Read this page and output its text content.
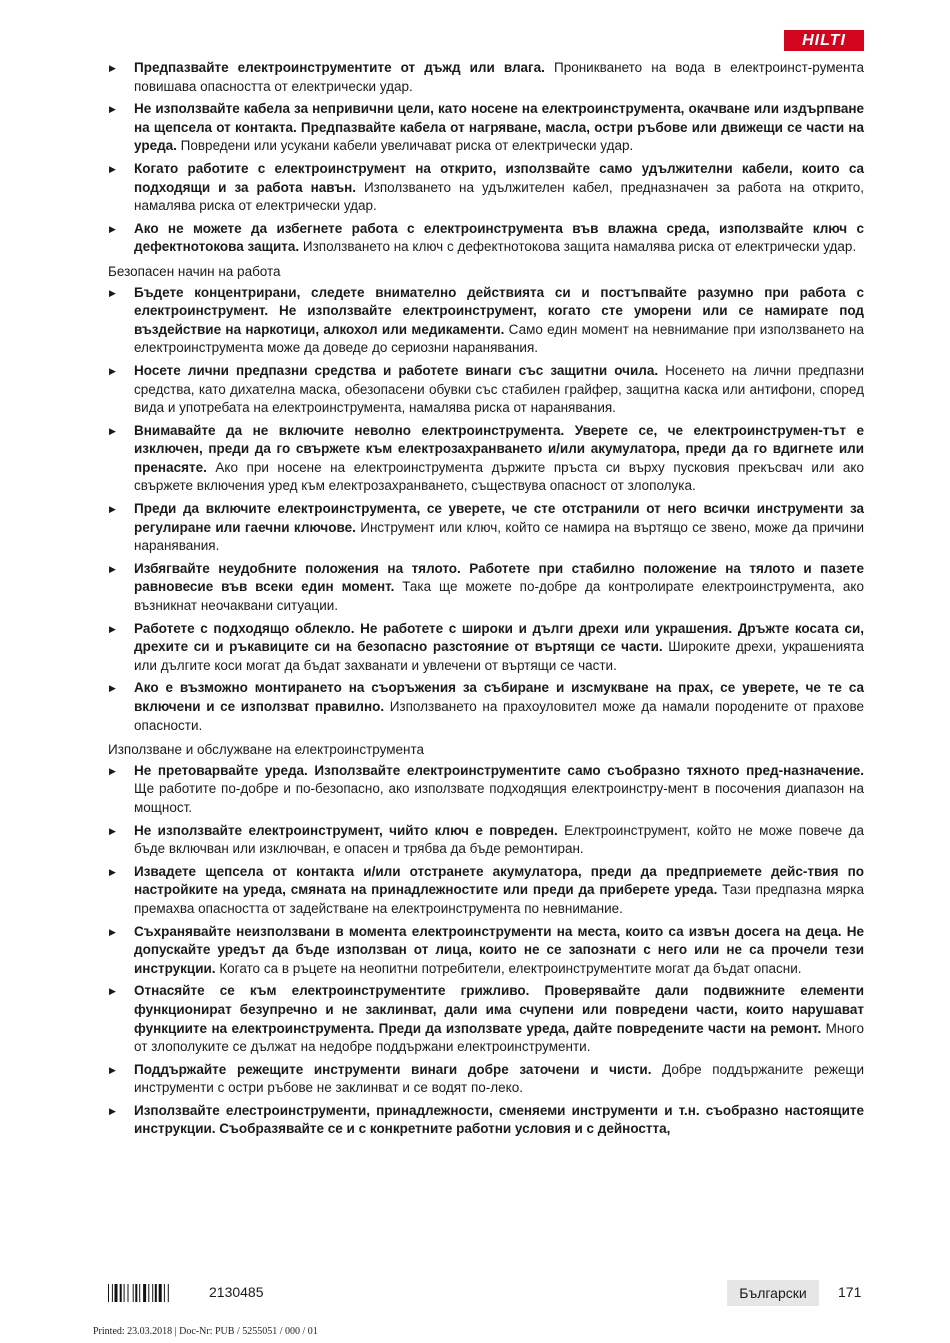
HILTI
▶ Предпазвайте електроинструментите от дъжд или влага. Проникването на вода в електроинст-румента повишава опасността от електрически удар.
▶ Не използвайте кабела за непривични цели, като носене на електроинструмента, окачване или издърпване на щепсела от контакта. Предпазвайте кабела от нагряване, масла, остри ръбове или движещи се части на уреда. Повредени или усукани кабели увеличават риска от електрически удар.
▶ Когато работите с електроинструмент на открито, използвайте само удължителни кабели, които са подходящи и за работа навън. Използването на удължителен кабел, предназначен за работа на открито, намалява риска от електрически удар.
▶ Ако не можете да избегнете работа с електроинструмента във влажна среда, използвайте ключ с дефектнотокова защита. Използването на ключ с дефектнотокова защита намалява риска от електрически удар.
Безопасен начин на работа
▶ Бъдете концентрирани, следете внимателно действията си и постъпвайте разумно при работа с електроинструмент. Не използвайте електроинструмент, когато сте уморени или се намирате под въздействие на наркотици, алкохол или медикаменти. Само един момент на невнимание при използването на електроинструмента може да доведе до сериозни наранявания.
▶ Носете лични предпазни средства и работете винаги със защитни очила. Носенето на лични предпазни средства, като дихателна маска, обезопасени обувки със стабилен грайфер, защитна каска или антифони, според вида и употребата на електроинструмента, намалява риска от наранявания.
▶ Внимавайте да не включите неволно електроинструмента. Уверете се, че електроинструмен-тът е изключен, преди да го свържете към електрозахранването и/или акумулатора, преди да го вдигнете или пренасяте. Ако при носене на електроинструмента държите пръста си върху пусковия прекъсвач или ако свържете включения уред към електрозахранването, съществува опасност от злополука.
▶ Преди да включите електроинструмента, се уверете, че сте отстранили от него всички инструменти за регулиране или гаечни ключове. Инструмент или ключ, който се намира на въртящо се звено, може да причини наранявания.
▶ Избягвайте неудобните положения на тялото. Работете при стабилно положение на тялото и пазете равновесие във всеки един момент. Така ще можете по-добре да контролирате електроинструмента, ако възникнат неочаквани ситуации.
▶ Работете с подходящо облекло. Не работете с широки и дълги дрехи или украшения. Дръжте косата си, дрехите си и ръкавиците си на безопасно разстояние от въртящи се части. Широките дрехи, украшенията или дългите коси могат да бъдат захванати и увлечени от въртящи се части.
▶ Ако е възможно монтирането на съоръжения за събиране и изсмукване на прах, се уверете, че те са включени и се използват правилно. Използването на прахоуловител може да намали породените от прахове опасности.
Използване и обслужване на електроинструмента
▶ Не претоварвайте уреда. Използвайте електроинструментите само съобразно тяхното пред-назначение. Ще работите по-добре и по-безопасно, ако използвате подходящия електроинстру-мент в посочения диапазон на мощност.
▶ Не използвайте електроинструмент, чийто ключ е повреден. Електроинструмент, който не може повече да бъде включван или изключван, е опасен и трябва да бъде ремонтиран.
▶ Извадете щепсела от контакта и/или отстранете акумулатора, преди да предприемете дейс-твия по настройките на уреда, смяната на принадлежностите или преди да приберете уреда. Тази предпазна мярка премахва опасността от задействане на електроинструмента по невнимание.
▶ Съхранявайте неизползвани в момента електроинструменти на места, които са извън досега на деца. Не допускайте уредът да бъде използван от лица, които не се запознати с него или не са прочели тези инструкции. Когато са в ръцете на неопитни потребители, електроинструментите могат да бъдат опасни.
▶ Отнасяйте се към електроинструментите грижливо. Проверявайте дали подвижните елементи функционират безупречно и не заклинват, дали има счупени или повредени части, които нарушават функциите на електроинструмента. Преди да използвате уреда, дайте повредените части на ремонт. Много от злополуките се дължат на недобре поддържани електроинструменти.
▶ Поддържайте режещите инструменти винаги добре заточени и чисти. Добре поддържаните режещи инструменти с остри ръбове не заклинват и се водят по-леко.
▶ Използвайте елестроинструменти, принадлежности, сменяеми инструменти и т.н. съобразно настоящите инструкции. Съобразявайте се и с конкретните работни условия и с дейността,
2130485	Български	171
Printed: 23.03.2018 | Doc-Nr: PUB / 5255051 / 000 / 01
